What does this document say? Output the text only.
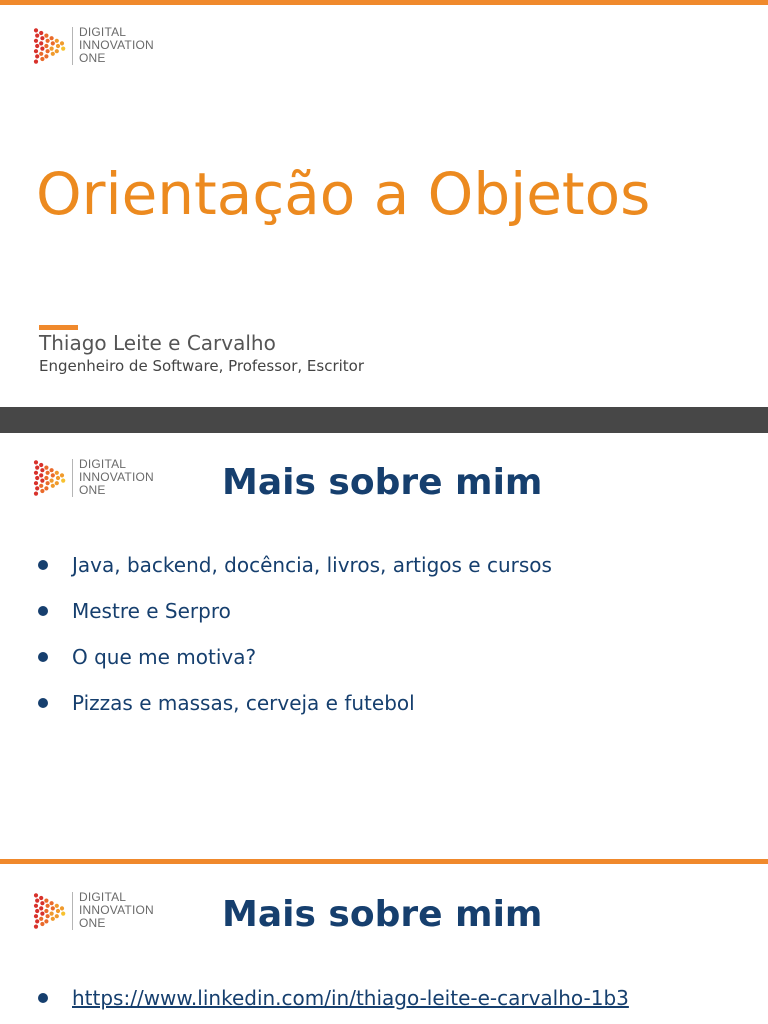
DIGITAL
INNOVATION
ONE
Orientação a Objetos
Thiago Leite e Carvalho
Engenheiro de Software, Professor, Escritor
DIGITAL
INNOVATION
ONE	Mais sobre mim
Java, backend, docência, livros, artigos e cursos
Mestre e Serpro
O que me motiva?
Pizzas e massas, cerveja e futebol
DIGITAL
INNOVATION
ONE	Mais sobre mim
https://www.linkedin.com/in/thiago-leite-e-carvalho-1b3
